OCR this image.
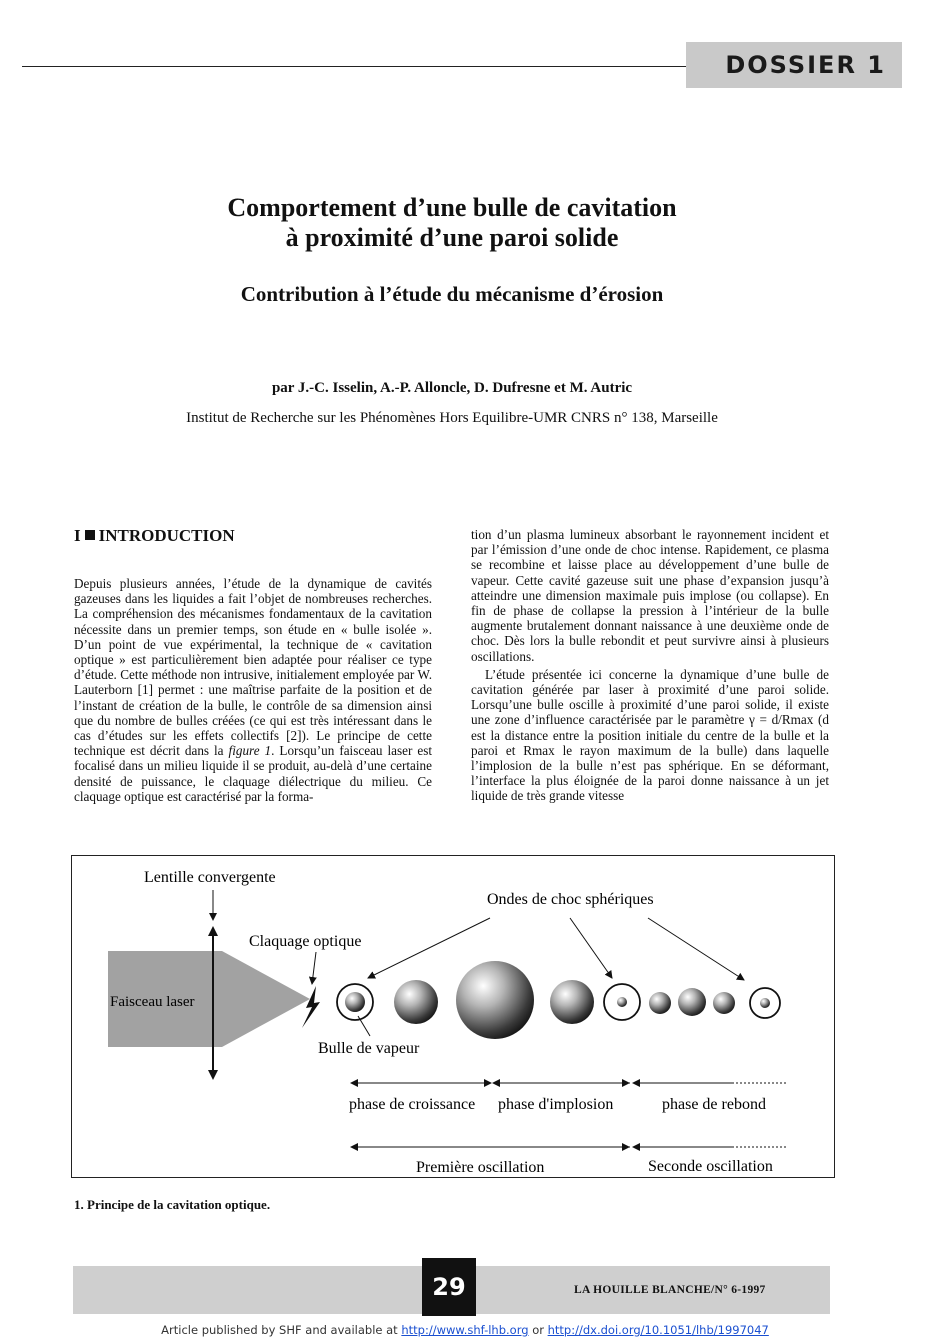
DOSSIER 1
Comportement d’une bulle de cavitation
à proximité d’une paroi solide
Contribution à l’étude du mécanisme d’érosion
par J.-C. Isselin, A.-P. Alloncle, D. Dufresne et M. Autric
Institut de Recherche sur les Phénomènes Hors Equilibre-UMR CNRS n° 138, Marseille
I INTRODUCTION

Depuis plusieurs années, l’étude de la dynamique de cavités gazeuses dans les liquides a fait l’objet de nombreuses recherches. La compréhension des mécanismes fondamentaux de la cavitation nécessite dans un premier temps, son étude en « bulle isolée ». D’un point de vue expérimental, la technique de « cavitation optique » est particulièrement bien adaptée pour réaliser ce type d’étude. Cette méthode non intrusive, initialement employée par W. Lauterborn [1] permet : une maîtrise parfaite de la position et de l’instant de création de la bulle, le contrôle de sa dimension ainsi que du nombre de bulles créées (ce qui est très intéressant dans le cas d’études sur les effets collectifs [2]). Le principe de cette technique est décrit dans la figure 1. Lorsqu’un faisceau laser est focalisé dans un milieu liquide il se produit, au-delà d’une certaine densité de puissance, le claquage diélectrique du milieu. Ce claquage optique est caractérisé par la forma-

tion d’un plasma lumineux absorbant le rayonnement incident et par l’émission d’une onde de choc intense. Rapidement, ce plasma se recombine et laisse place au développement d’une bulle de vapeur. Cette cavité gazeuse suit une phase d’expansion jusqu’à atteindre une dimension maximale puis implose (ou collapse). En fin de phase de collapse la pression à l’intérieur de la bulle augmente brutalement donnant naissance à une deuxième onde de choc. Dès lors la bulle rebondit et peut survivre ainsi à plusieurs oscillations.

L’étude présentée ici concerne la dynamique d’une bulle de cavitation générée par laser à proximité d’une paroi solide. Lorsqu’une bulle oscille à proximité d’une paroi solide, il existe une zone d’influence caractérisée par le paramètre γ = d/Rmax (d est la distance entre la position initiale du centre de la bulle et la paroi et Rmax le rayon maximum de la bulle) dans laquelle l’implosion de la bulle n’est pas sphérique. En se déformant, l’interface la plus éloignée de la paroi donne naissance à un jet liquide de très grande vitesse

Lentille convergente
Ondes de choc sphériques
Claquage optique
Faisceau laser
Bulle de vapeur
phase de croissance phase d'implosion	phase de rebond
Première oscillation	Seconde oscillation
1. Principe de la cavitation optique.
29	LA HOUILLE BLANCHE/N° 6-1997
Article published by SHF and available at http://www.shf-lhb.org or http://dx.doi.org/10.1051/lhb/1997047
